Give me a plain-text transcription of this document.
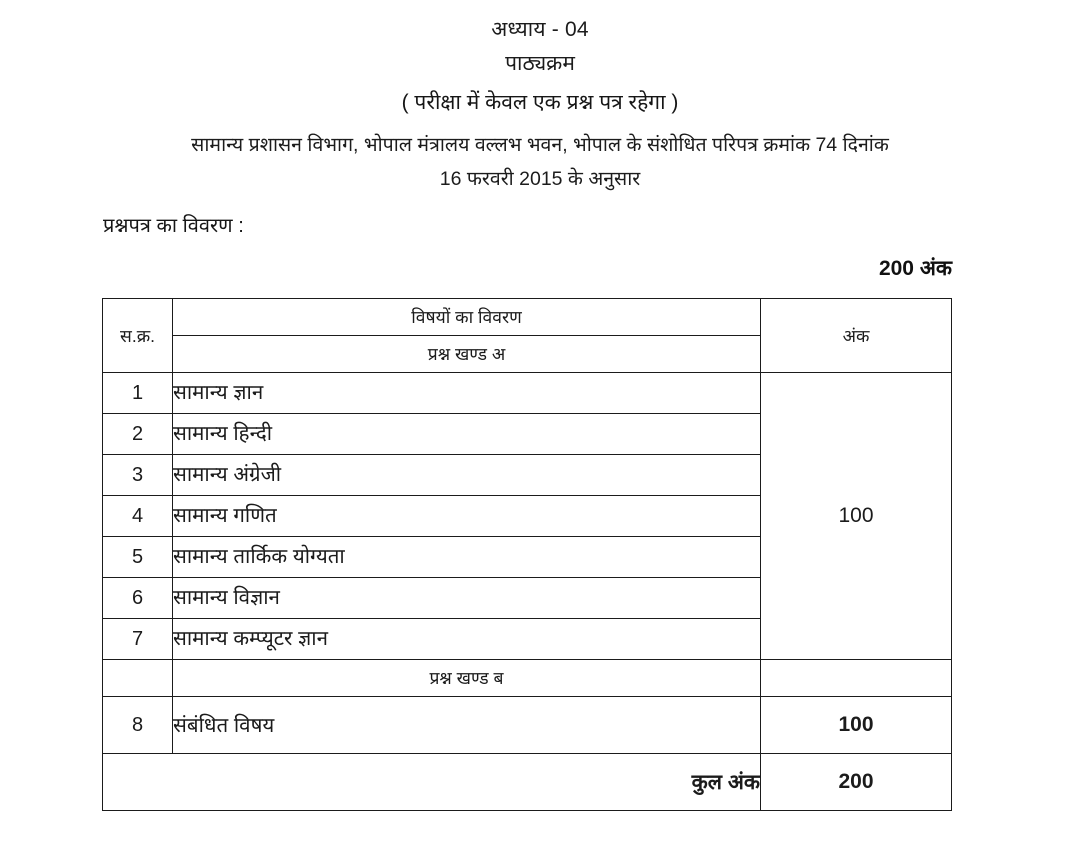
अध्याय - 04
पाठ्यक्रम
( परीक्षा में केवल एक प्रश्न पत्र रहेगा )
सामान्य प्रशासन विभाग, भोपाल मंत्रालय वल्लभ भवन, भोपाल के संशोधित परिपत्र क्रमांक 74 दिनांक
16 फरवरी 2015 के अनुसार
प्रश्नपत्र का विवरण :
200 अंक
स.क्र.	विषयों का विवरण	अंक
	प्रश्न खण्ड अ	
1	सामान्य ज्ञान	100
2	सामान्य हिन्दी	
3	सामान्य अंग्रेजी	
4	सामान्य गणित	
5	सामान्य तार्किक योग्यता	
6	सामान्य विज्ञान	
7	सामान्य कम्प्यूटर ज्ञान	
	प्रश्न खण्ड ब	
8	संबंधित विषय	100
कुल अंक		200
